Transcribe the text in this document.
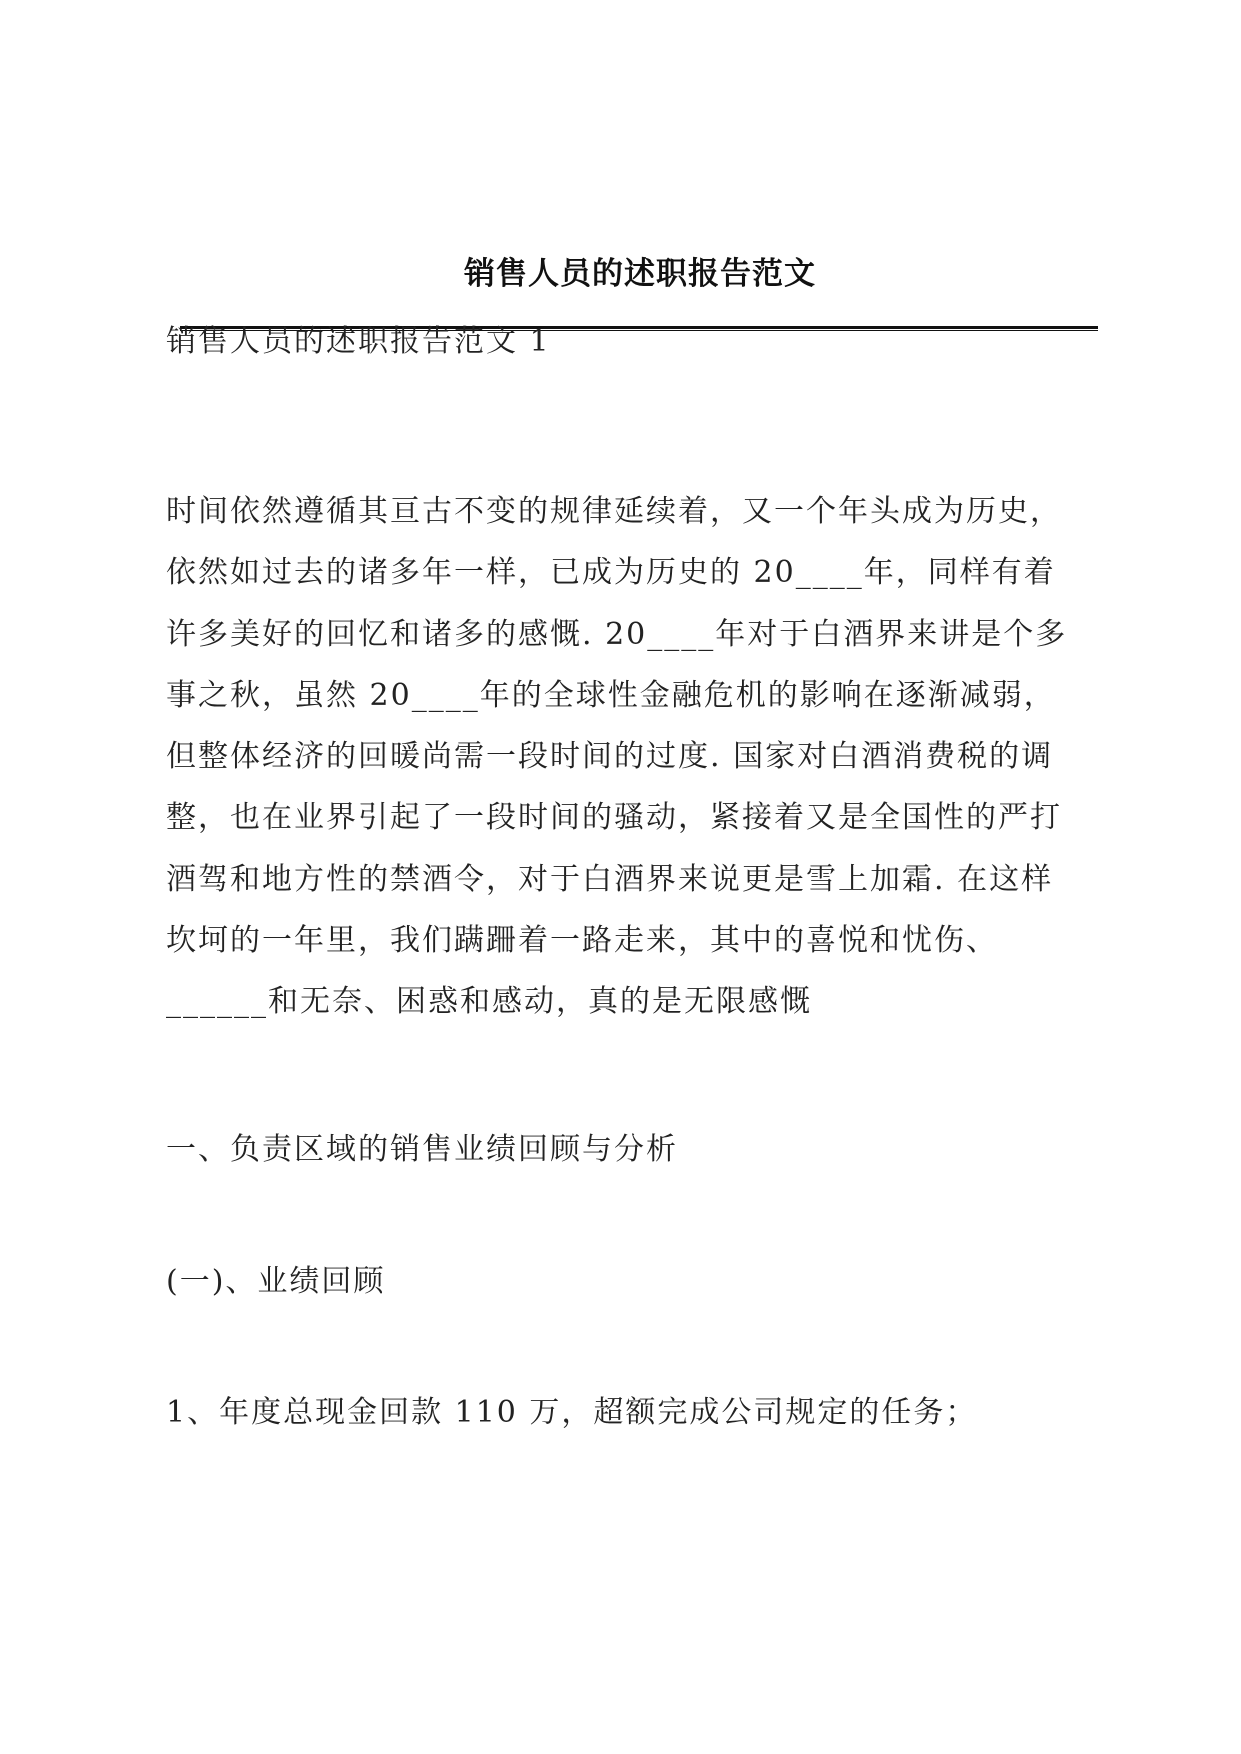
销售人员的述职报告范文

销售人员的述职报告范文 1

时间依然遵循其亘古不变的规律延续着，又一个年头成为历史，
依然如过去的诸多年一样，已成为历史的 20____年，同样有着
许多美好的回忆和诸多的感慨. 20____年对于白酒界来讲是个多
事之秋，虽然 20____年的全球性金融危机的影响在逐渐减弱，
但整体经济的回暖尚需一段时间的过度. 国家对白酒消费税的调
整，也在业界引起了一段时间的骚动，紧接着又是全国性的严打
酒驾和地方性的禁酒令，对于白酒界来说更是雪上加霜. 在这样
坎坷的一年里，我们蹒跚着一路走来，其中的喜悦和忧伤、
______和无奈、困惑和感动，真的是无限感慨

一、负责区域的销售业绩回顾与分析

(一)、业绩回顾

1、年度总现金回款 110 万，超额完成公司规定的任务；
